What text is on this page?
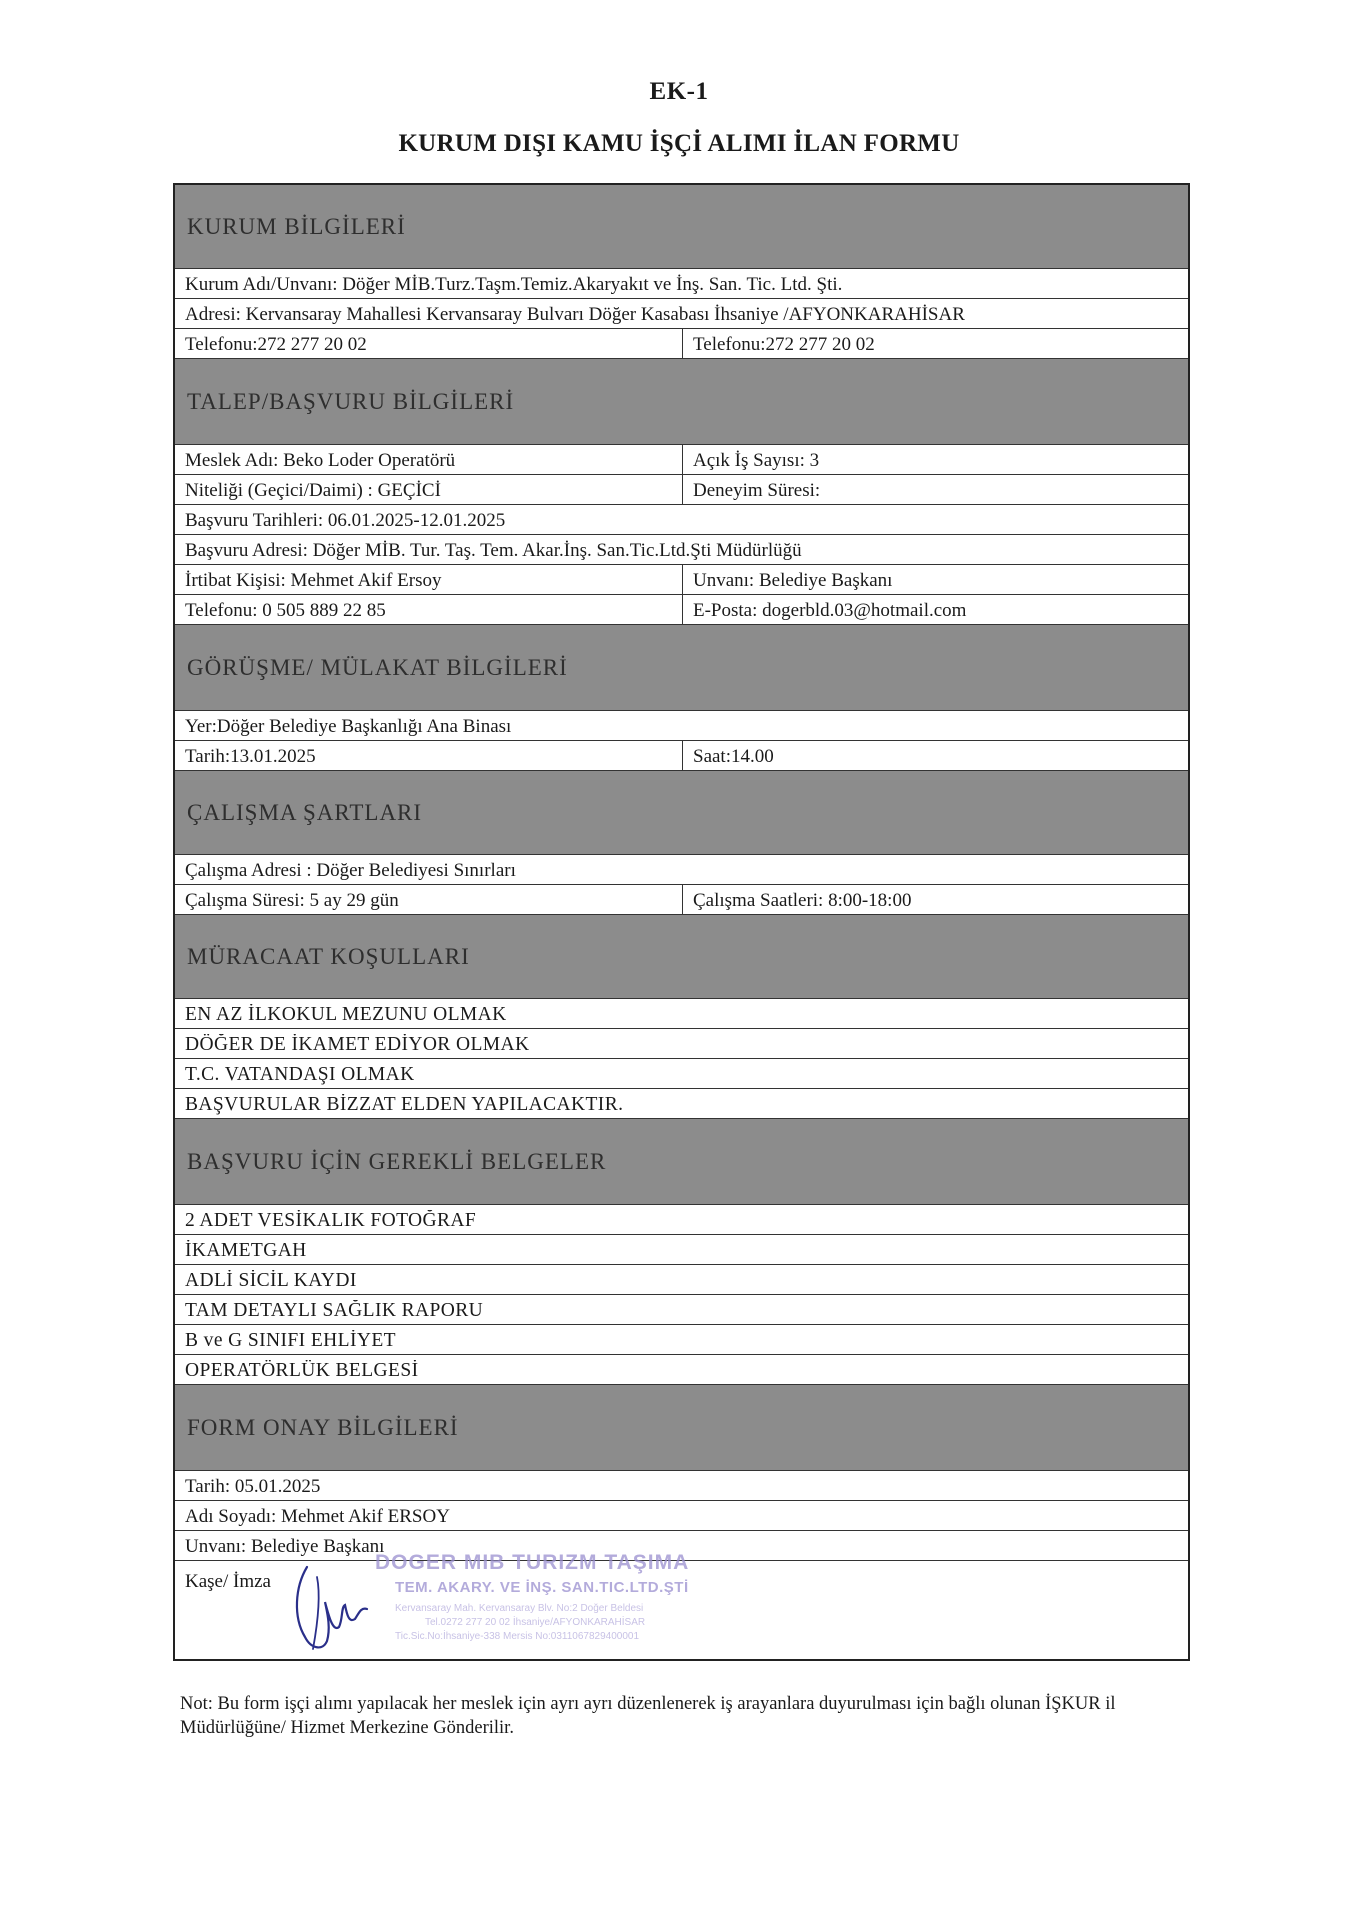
EK-1
KURUM DIŞI KAMU İŞÇİ ALIMI İLAN FORMU
KURUM BİLGİLERİ
Kurum Adı/Unvanı: Döğer MİB.Turz.Taşm.Temiz.Akaryakıt ve İnş. San. Tic. Ltd. Şti.
Adresi: Kervansaray Mahallesi Kervansaray Bulvarı Döğer Kasabası İhsaniye /AFYONKARAHİSAR
Telefonu:272 277 20 02	Telefonu:272 277 20 02
TALEP/BAŞVURU BİLGİLERİ
Meslek Adı: Beko Loder Operatörü	Açık İş Sayısı: 3
Niteliği (Geçici/Daimi) : GEÇİCİ	Deneyim Süresi:
Başvuru Tarihleri: 06.01.2025-12.01.2025
Başvuru Adresi: Döğer MİB. Tur. Taş. Tem. Akar.İnş. San.Tic.Ltd.Şti Müdürlüğü
İrtibat Kişisi: Mehmet Akif Ersoy	Unvanı: Belediye Başkanı
Telefonu: 0 505 889 22 85	E-Posta: dogerbld.03@hotmail.com
GÖRÜŞME/ MÜLAKAT BİLGİLERİ
Yer:Döğer Belediye Başkanlığı Ana Binası
Tarih:13.01.2025	Saat:14.00
ÇALIŞMA ŞARTLARI
Çalışma Adresi : Döğer Belediyesi Sınırları
Çalışma Süresi: 5 ay 29 gün	Çalışma Saatleri: 8:00-18:00
MÜRACAAT KOŞULLARI
EN AZ İLKOKUL MEZUNU OLMAK
DÖĞER DE İKAMET EDİYOR OLMAK
T.C. VATANDAŞI OLMAK
BAŞVURULAR BİZZAT ELDEN YAPILACAKTIR.
BAŞVURU İÇİN GEREKLİ BELGELER
2 ADET VESİKALIK FOTOĞRAF
İKAMETGAH
ADLİ SİCİL KAYDI
TAM DETAYLI SAĞLIK RAPORU
B ve G SINIFI EHLİYET
OPERATÖRLÜK BELGESİ
FORM ONAY BİLGİLERİ
Tarih: 05.01.2025
Adı Soyadı: Mehmet Akif ERSOY
Unvanı: Belediye Başkanı
Kaşe/ İmza
DOGER MIB TURIZM TAŞIMA
TEM. AKARY. VE İNŞ. SAN.TIC.LTD.ŞTİ
Kervansaray Mah. Kervansaray Blv. No:2 Doğer Beldesi
Tel.0272 277 20 02 İhsaniye/AFYONKARAHİSAR
Tic.Sic.No:İhsaniye-338 Mersis No:0311067829400001
Not: Bu form işçi alımı yapılacak her meslek için ayrı ayrı düzenlenerek iş arayanlara duyurulması için bağlı olunan İŞKUR il Müdürlüğüne/ Hizmet Merkezine Gönderilir.
